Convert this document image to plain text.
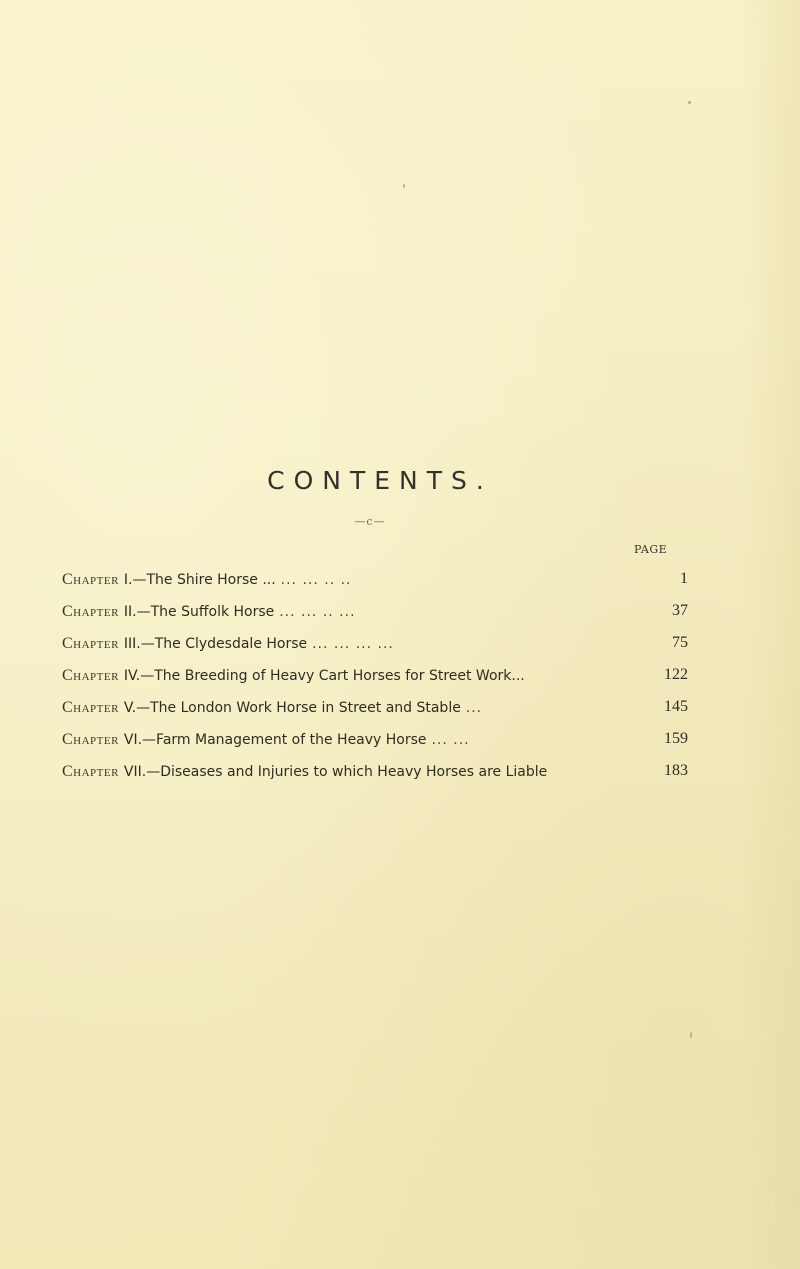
CONTENTS.
—c—
PAGE
Chapter I.—The Shire Horse ... ... ... .. ..	1
Chapter II.—The Suffolk Horse ... ... .. ...	37
Chapter III.—The Clydesdale Horse ... ... ... ...	75
Chapter IV.—The Breeding of Heavy Cart Horses for Street Work...	122
Chapter V.—The London Work Horse in Street and Stable ...	145
Chapter VI.—Farm Management of the Heavy Horse ... ...	159
Chapter VII.—Diseases and Injuries to which Heavy Horses are Liable	183
